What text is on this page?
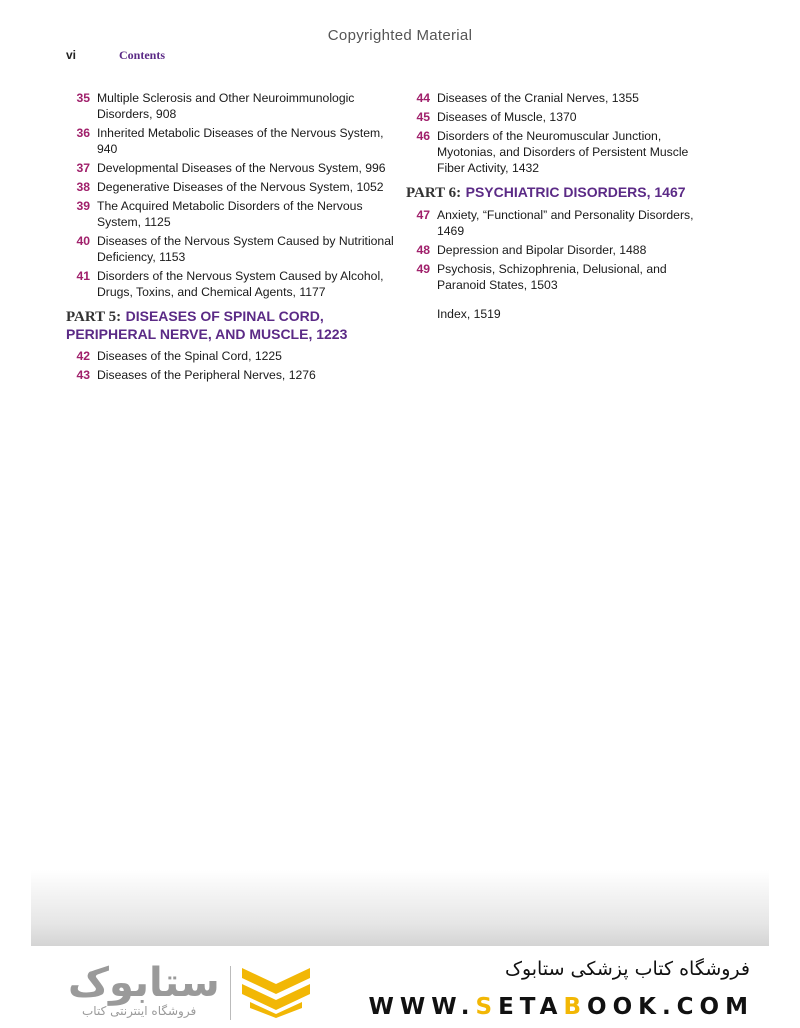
Copyrighted Material
vi	Contents
35 Multiple Sclerosis and Other Neuroimmunologic Disorders, 908
36 Inherited Metabolic Diseases of the Nervous System, 940
37 Developmental Diseases of the Nervous System, 996
38 Degenerative Diseases of the Nervous System, 1052
39 The Acquired Metabolic Disorders of the Nervous System, 1125
40 Diseases of the Nervous System Caused by Nutritional Deficiency, 1153
41 Disorders of the Nervous System Caused by Alcohol, Drugs, Toxins, and Chemical Agents, 1177
PART 5: DISEASES OF SPINAL CORD, PERIPHERAL NERVE, AND MUSCLE, 1223
42 Diseases of the Spinal Cord, 1225
43 Diseases of the Peripheral Nerves, 1276
44 Diseases of the Cranial Nerves, 1355
45 Diseases of Muscle, 1370
46 Disorders of the Neuromuscular Junction, Myotonias, and Disorders of Persistent Muscle Fiber Activity, 1432
PART 6: PSYCHIATRIC DISORDERS, 1467
47 Anxiety, “Functional” and Personality Disorders, 1469
48 Depression and Bipolar Disorder, 1488
49 Psychosis, Schizophrenia, Delusional, and Paranoid States, 1503
Index, 1519
ستابوک
فروشگاه اینترنتی کتاب
فروشگاه کتاب پزشکی ستابوک
WWW.SETABOOK.COM
